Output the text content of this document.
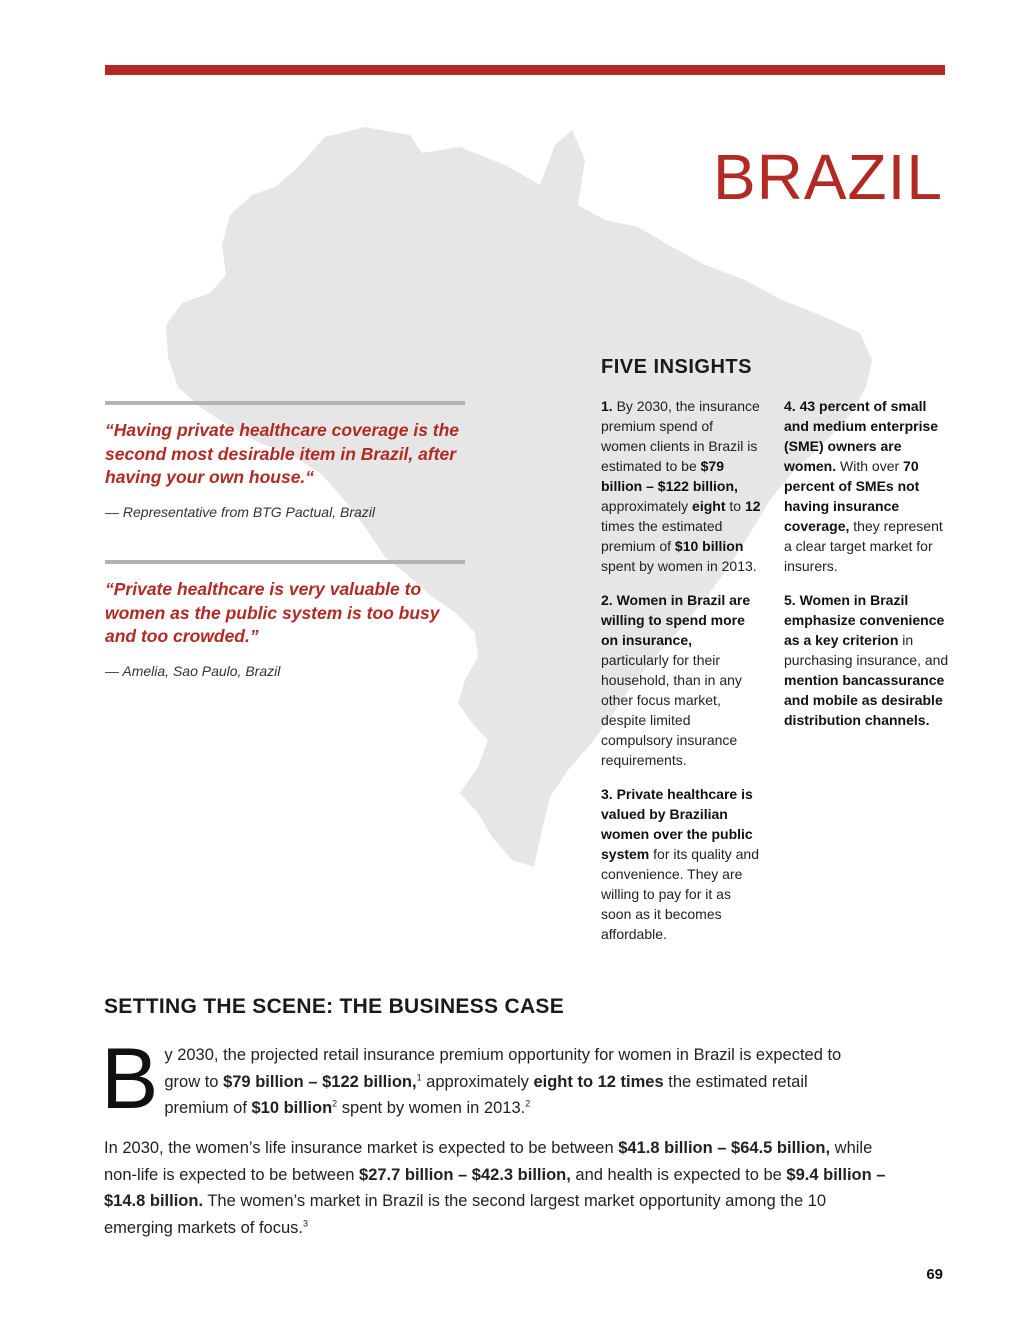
BRAZIL

“Having private healthcare coverage is the second most desirable item in Brazil, after having your own house.“

— Representative from BTG Pactual, Brazil

“Private healthcare is very valuable to women as the public system is too busy and too crowded.”

— Amelia, Sao Paulo, Brazil

FIVE INSIGHTS

1. By 2030, the insurance premium spend of women clients in Brazil is estimated to be $79 billion – $122 billion, approximately eight to 12 times the estimated premium of $10 billion spent by women in 2013.

2. Women in Brazil are willing to spend more on insurance, particularly for their household, than in any other focus market, despite limited compulsory insurance requirements.

3. Private healthcare is valued by Brazilian women over the public system for its quality and convenience. They are willing to pay for it as soon as it becomes affordable.

4. 43 percent of small and medium enterprise (SME) owners are women. With over 70 percent of SMEs not having insurance coverage, they represent a clear target market for insurers.

5. Women in Brazil emphasize convenience as a key criterion in purchasing insurance, and mention bancassurance and mobile as desirable distribution channels.

SETTING THE SCENE: THE BUSINESS CASE

By 2030, the projected retail insurance premium opportunity for women in Brazil is expected to grow to $79 billion – $122 billion,$^1$ approximately eight to 12 times the estimated retail premium of $10 billion$^2$ spent by women in 2013.$^2$

In 2030, the women’s life insurance market is expected to be between $41.8 billion – $64.5 billion, while non-life is expected to be between $27.7 billion – $42.3 billion, and health is expected to be $9.4 billion – $14.8 billion. The women’s market in Brazil is the second largest market opportunity among the 10 emerging markets of focus.$^3$

69
